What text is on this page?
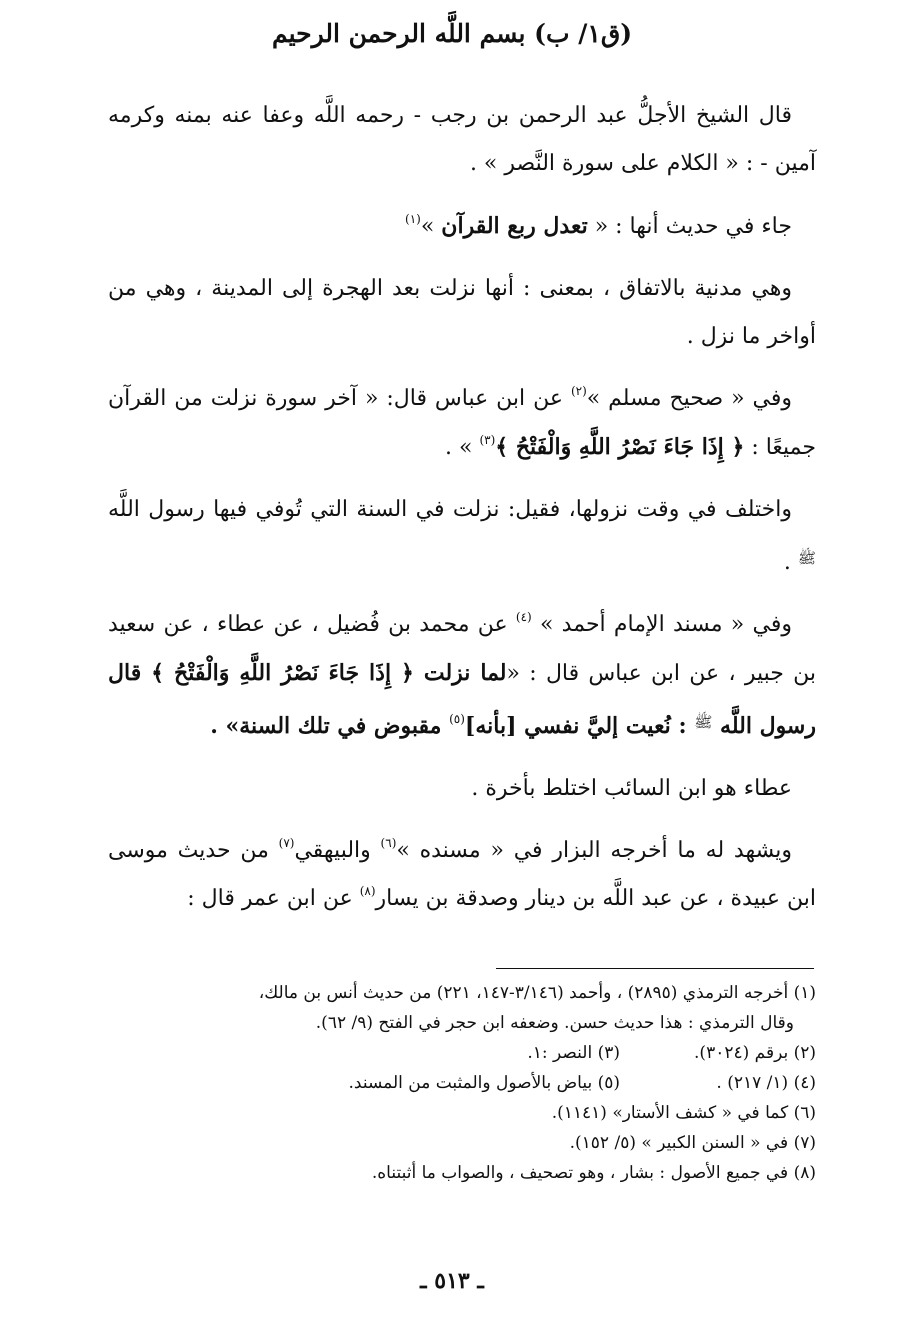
(ق١/ ب) بسم اللَّه الرحمن الرحيم

قال الشيخ الأجلُّ عبد الرحمن بن رجب - رحمه اللَّه وعفا عنه بمنه وكرمه آمين - : « الكلام على سورة النَّصر » .

جاء في حديث أنها : « تعدل ربع القرآن »$^{(١)}$

وهي مدنية بالاتفاق ، بمعنى : أنها نزلت بعد الهجرة إلى المدينة ، وهي من أواخر ما نزل .

وفي « صحيح مسلم »$^{(٢)}$ عن ابن عباس قال: « آخر سورة نزلت من القرآن جميعًا : ﴿ إِذَا جَاءَ نَصْرُ اللَّهِ وَالْفَتْحُ ﴾$^{(٣)}$ » .

واختلف في وقت نزولها، فقيل: نزلت في السنة التي تُوفي فيها رسول اللَّه $^ﷺ$ .

وفي « مسند الإمام أحمد » $^{(٤)}$ عن محمد بن فُضيل ، عن عطاء ، عن سعيد بن جبير ، عن ابن عباس قال : «لما نزلت ﴿ إِذَا جَاءَ نَصْرُ اللَّهِ وَالْفَتْحُ ﴾ قال رسول اللَّه $^ﷺ$ : نُعيت إليَّ نفسي [بأنه]$^{(٥)}$ مقبوض في تلك السنة» .

عطاء هو ابن السائب اختلط بأخرة .

ويشهد له ما أخرجه البزار في « مسنده »$^{(٦)}$ والبيهقي$^{(٧)}$ من حديث موسى ابن عبيدة ، عن عبد اللَّه بن دينار وصدقة بن يسار$^{(٨)}$ عن ابن عمر قال :

(١) أخرجه الترمذي (٢٨٩٥) ، وأحمد (٣/١٤٦-١٤٧، ٢٢١) من حديث أنس بن مالك،

وقال الترمذي : هذا حديث حسن. وضعفه ابن حجر في الفتح (٩/ ٦٢).

(٢) برقم (٣٠٢٤).
(٣) النصر :١.

(٤) (١/ ٢١٧) .
(٥) بياض بالأصول والمثبت من المسند.

(٦) كما في « كشف الأستار» (١١٤١).

(٧) في « السنن الكبير » (٥/ ١٥٢).

(٨) في جميع الأصول : بشار ، وهو تصحيف ، والصواب ما أثبتناه.

ـ ٥١٣ ـ
